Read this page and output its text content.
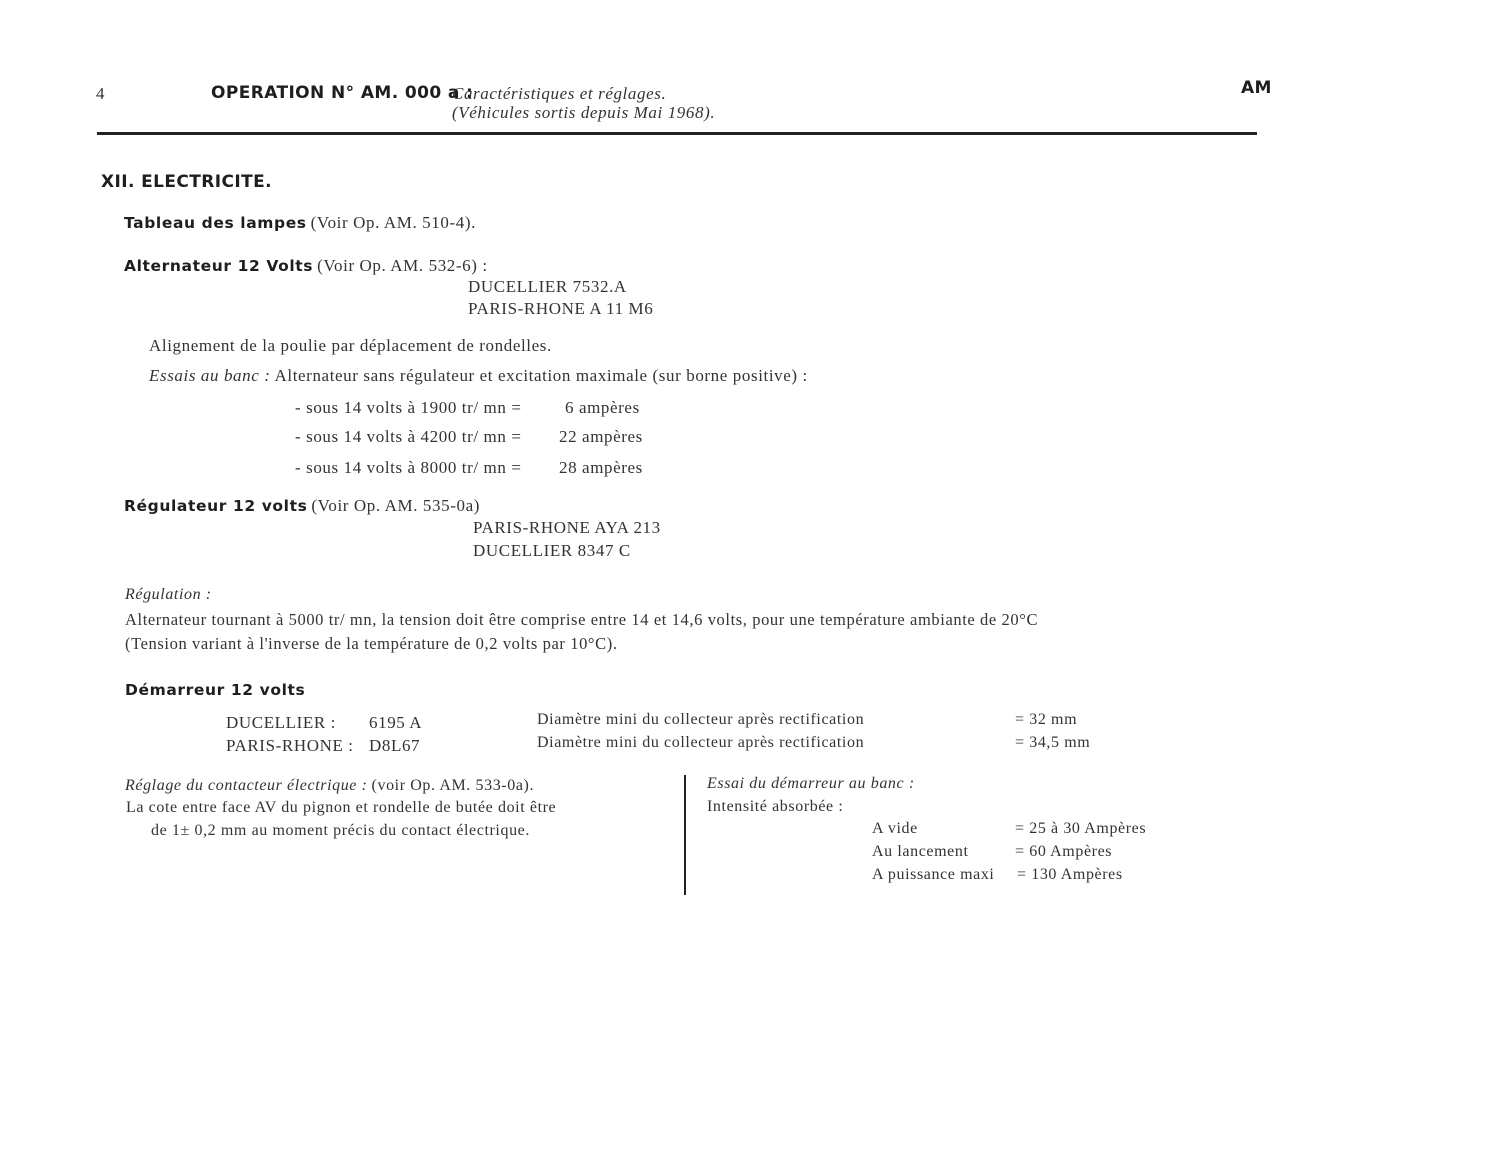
4	OPERATION N° AM. 000 a :
Caractéristiques et réglages.
(Véhicules sortis depuis Mai 1968).
AM
XII. ELECTRICITE.
Tableau des lampes (Voir Op. AM. 510-4).
Alternateur 12 Volts (Voir Op. AM. 532-6) :
DUCELLIER 7532.A
PARIS-RHONE A 11 M6
Alignement de la poulie par déplacement de rondelles.
Essais au banc : Alternateur sans régulateur et excitation maximale (sur borne positive) :
- sous 14 volts à 1900 tr/ mn =	6 ampères
- sous 14 volts à 4200 tr/ mn = 22 ampères
- sous 14 volts à 8000 tr/ mn = 28 ampères
Régulateur 12 volts (Voir Op. AM. 535-0a)
PARIS-RHONE AYA 213
DUCELLIER 8347 C
Régulation :
Alternateur tournant à 5000 tr/ mn, la tension doit être comprise entre 14 et 14,6 volts, pour une température ambiante de 20°C
(Tension variant à l'inverse de la température de 0,2 volts par 10°C).
Démarreur 12 volts
DUCELLIER : 6195 A	Diamètre mini du collecteur après rectification	= 32 mm
PARIS-RHONE : D8L67	Diamètre mini du collecteur après rectification	= 34,5 mm
Réglage du contacteur électrique : (voir Op. AM. 533-0a).
La cote entre face AV du pignon et rondelle de butée doit être
de 1± 0,2 mm au moment précis du contact électrique.
Essai du démarreur au banc :
Intensité absorbée :
A vide	= 25 à 30 Ampères
Au lancement	= 60 Ampères
A puissance maxi = 130 Ampères
